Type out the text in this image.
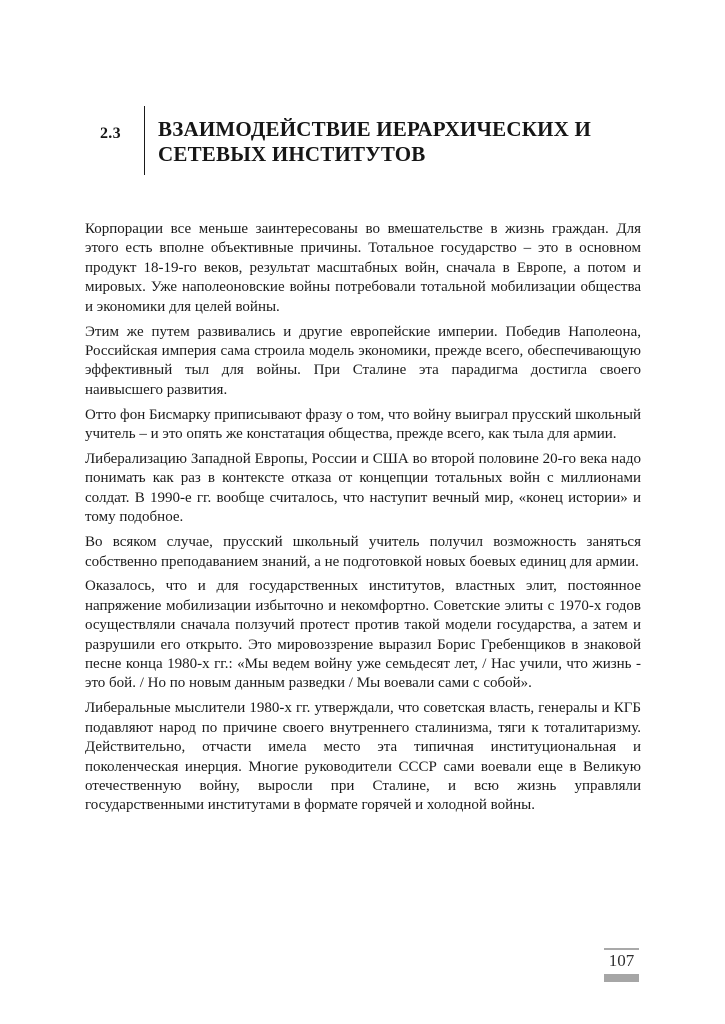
2.3	ВЗАИМОДЕЙСТВИЕ ИЕРАРХИЧЕСКИХ И
СЕТЕВЫХ ИНСТИТУТОВ

Корпорации все меньше заинтересованы во вмешательстве в жизнь граждан. Для этого есть вполне объективные причины. Тотальное государство – это в основном продукт 18-19-го веков, результат масштабных войн, сначала в Европе, а потом и мировых. Уже наполеоновские войны потребовали тотальной мобилизации общества и экономики для целей войны.

Этим же путем развивались и другие европейские империи. Победив Наполеона, Российская империя сама строила модель экономики, прежде всего, обеспечивающую эффективный тыл для войны. При Сталине эта парадигма достигла своего наивысшего развития.

Отто фон Бисмарку приписывают фразу о том, что войну выиграл прусский школьный учитель – и это опять же констатация общества, прежде всего, как тыла для армии.

Либерализацию Западной Европы, России и США во второй половине 20-го века надо понимать как раз в контексте отказа от концепции тотальных войн с миллионами солдат. В 1990-е гг. вообще считалось, что наступит вечный мир, «конец истории» и тому подобное.

Во всяком случае, прусский школьный учитель получил возможность заняться собственно преподаванием знаний, а не подготовкой новых боевых единиц для армии.

Оказалось, что и для государственных институтов, властных элит, постоянное напряжение мобилизации избыточно и некомфортно. Советские элиты с 1970-х годов осуществляли сначала ползучий протест против такой модели государства, а затем и разрушили его открыто. Это мировоззрение выразил Борис Гребенщиков в знаковой песне конца 1980-х гг.: «Мы ведем войну уже семьдесят лет, / Нас учили, что жизнь - это бой. / Но по новым данным разведки / Мы воевали сами с собой».

Либеральные мыслители 1980-х гг. утверждали, что советская власть, генералы и КГБ подавляют народ по причине своего внутреннего сталинизма, тяги к тоталитаризму. Действительно, отчасти имела место эта типичная институциональная и поколенческая инерция. Многие руководители СССР сами воевали еще в Великую отечественную войну, выросли при Сталине, и всю жизнь управляли государственными институтами в формате горячей и холодной войны.

107
